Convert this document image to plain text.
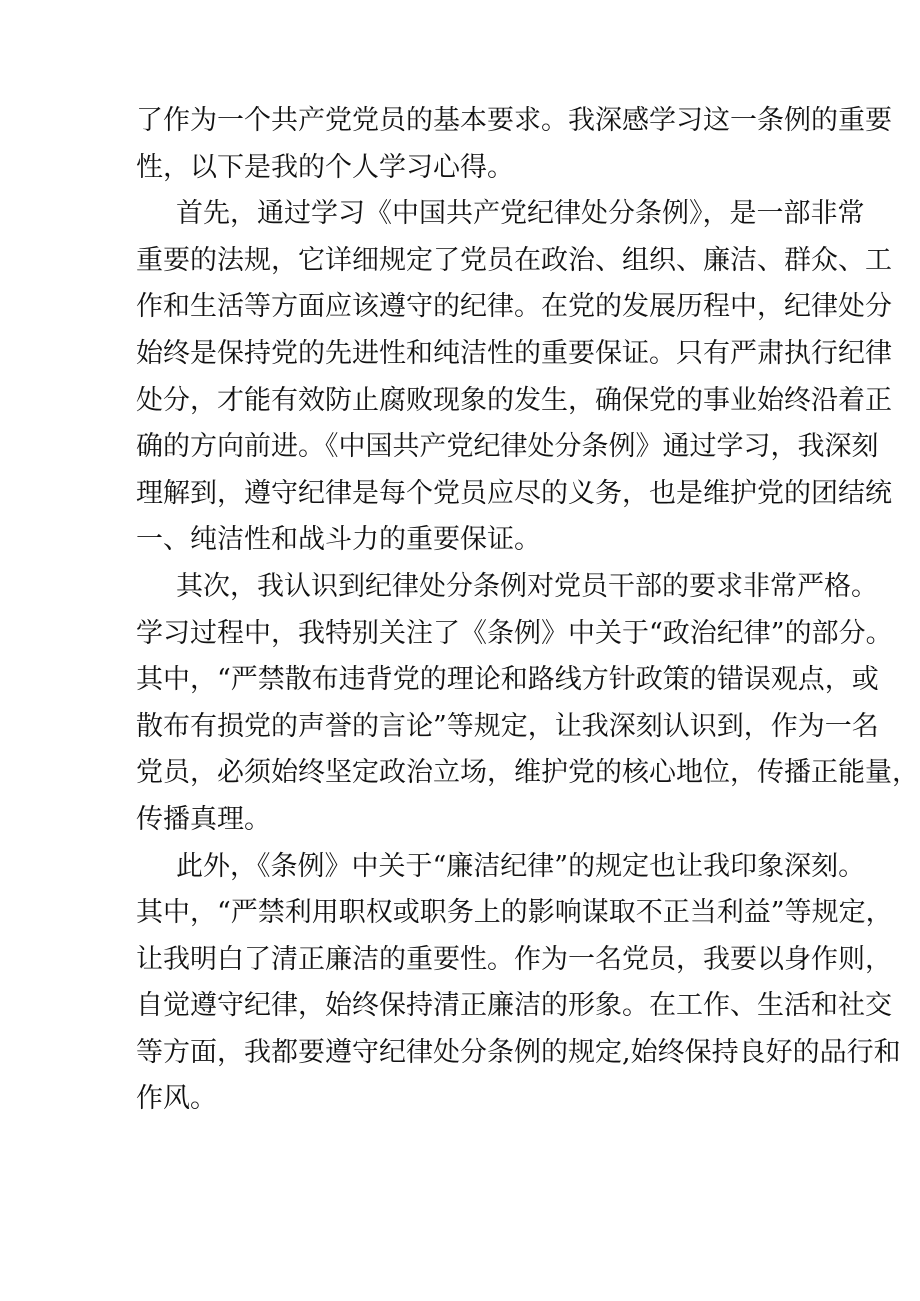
了作为一个共产党党员的基本要求。我深感学习这一条例的重要
性，以下是我的个人学习心得。
首先，通过学习《中国共产党纪律处分条例》，是一部非常
重要的法规，它详细规定了党员在政治、组织、廉洁、群众、工
作和生活等方面应该遵守的纪律。在党的发展历程中，纪律处分
始终是保持党的先进性和纯洁性的重要保证。只有严肃执行纪律
处分，才能有效防止腐败现象的发生，确保党的事业始终沿着正
确的方向前进。《中国共产党纪律处分条例》通过学习，我深刻
理解到，遵守纪律是每个党员应尽的义务，也是维护党的团结统
一、纯洁性和战斗力的重要保证。
其次，我认识到纪律处分条例对党员干部的要求非常严格。
学习过程中，我特别关注了《条例》中关于“政治纪律”的部分。
其中，“严禁散布违背党的理论和路线方针政策的错误观点，或
散布有损党的声誉的言论”等规定，让我深刻认识到，作为一名
党员，必须始终坚定政治立场，维护党的核心地位，传播正能量，
传播真理。
此外，《条例》中关于“廉洁纪律”的规定也让我印象深刻。
其中，“严禁利用职权或职务上的影响谋取不正当利益”等规定，
让我明白了清正廉洁的重要性。作为一名党员，我要以身作则，
自觉遵守纪律，始终保持清正廉洁的形象。在工作、生活和社交
等方面，我都要遵守纪律处分条例的规定,始终保持良好的品行和
作风。
